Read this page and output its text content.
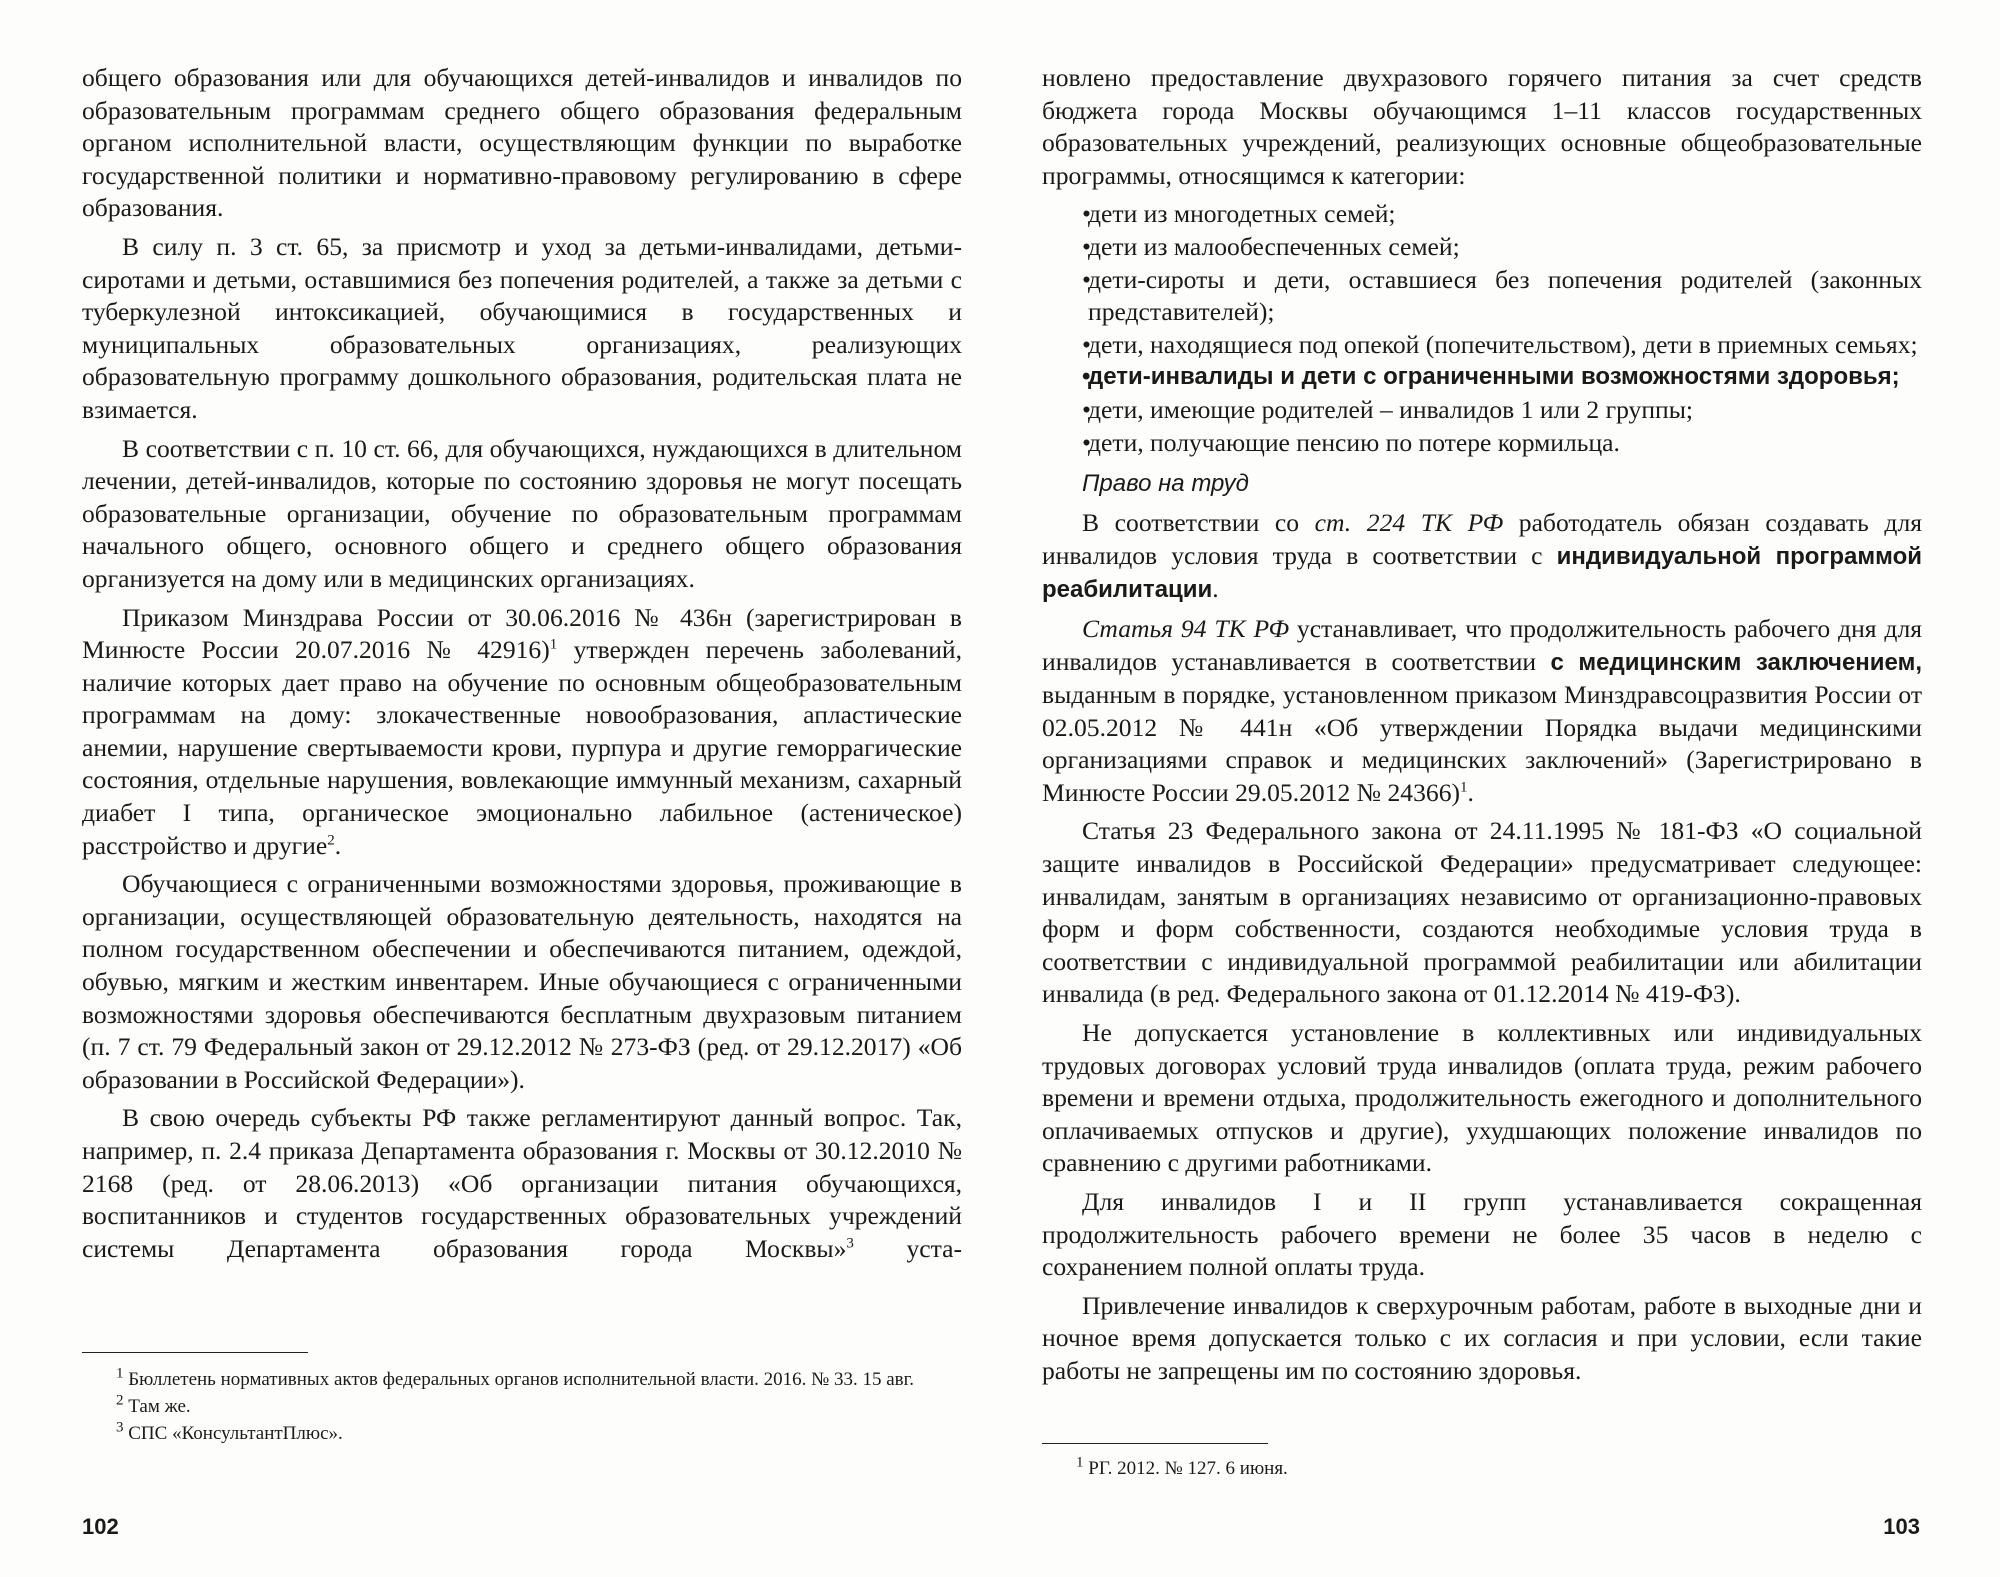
общего образования или для обучающихся детей-инвалидов и инвалидов по образовательным программам среднего общего образования федеральным органом исполнительной власти, осуществляющим функции по выработке государственной политики и нормативно-правовому регулированию в сфере образования.

В силу п. 3 ст. 65, за присмотр и уход за детьми-инвалидами, детьми-сиротами и детьми, оставшимися без попечения родителей, а также за детьми с туберкулезной интоксикацией, обучающимися в государственных и муниципальных образовательных организациях, реализующих образовательную программу дошкольного образования, родительская плата не взимается.

В соответствии с п. 10 ст. 66, для обучающихся, нуждающихся в длительном лечении, детей-инвалидов, которые по состоянию здоровья не могут посещать образовательные организации, обучение по образовательным программам начального общего, основного общего и среднего общего образования организуется на дому или в медицинских организациях.

Приказом Минздрава России от 30.06.2016 № 436н (зарегистрирован в Минюсте России 20.07.2016 № 42916)$^1$ утвержден перечень заболеваний, наличие которых дает право на обучение по основным общеобразовательным программам на дому: злокачественные новообразования, апластические анемии, нарушение свертываемости крови, пурпура и другие геморрагические состояния, отдельные нарушения, вовлекающие иммунный механизм, сахарный диабет I типа, органическое эмоционально лабильное (астеническое) расстройство и другие$^2$.

Обучающиеся с ограниченными возможностями здоровья, проживающие в организации, осуществляющей образовательную деятельность, находятся на полном государственном обеспечении и обеспечиваются питанием, одеждой, обувью, мягким и жестким инвентарем. Иные обучающиеся с ограниченными возможностями здоровья обеспечиваются бесплатным двухразовым питанием (п. 7 ст. 79 Федеральный закон от 29.12.2012 № 273-ФЗ (ред. от 29.12.2017) «Об образовании в Российской Федерации»).

В свою очередь субъекты РФ также регламентируют данный вопрос. Так, например, п. 2.4 приказа Департамента образования г. Москвы от 30.12.2010 № 2168 (ред. от 28.06.2013) «Об организации питания обучающихся, воспитанников и студентов государственных образовательных учреждений системы Департамента образования города Москвы»$^3$ уста-

$^1$ Бюллетень нормативных актов федеральных органов исполнительной власти. 2016. № 33. 15 авг.

$^2$ Там же.

$^3$ СПС «КонсультантПлюс».

102

новлено предоставление двухразового горячего питания за счет средств бюджета города Москвы обучающимся 1–11 классов государственных образовательных учреждений, реализующих основные общеобразовательные программы, относящимся к категории:

• дети из многодетных семей;
• дети из малообеспеченных семей;
• дети-сироты и дети, оставшиеся без попечения родителей (законных представителей);
• дети, находящиеся под опекой (попечительством), дети в приемных семьях;
• дети-инвалиды и дети с ограниченными возможностями здоровья;
• дети, имеющие родителей – инвалидов 1 или 2 группы;
• дети, получающие пенсию по потере кормильца.
Право на труд

В соответствии со ст. 224 ТК РФ работодатель обязан создавать для инвалидов условия труда в соответствии с индивидуальной программой реабилитации.

Статья 94 ТК РФ устанавливает, что продолжительность рабочего дня для инвалидов устанавливается в соответствии с медицинским заключением, выданным в порядке, установленном приказом Минздравсоцразвития России от 02.05.2012 № 441н «Об утверждении Порядка выдачи медицинскими организациями справок и медицинских заключений» (Зарегистрировано в Минюсте России 29.05.2012 № 24366)$^1$.

Статья 23 Федерального закона от 24.11.1995 № 181-ФЗ «О социальной защите инвалидов в Российской Федерации» предусматривает следующее: инвалидам, занятым в организациях независимо от организационно-правовых форм и форм собственности, создаются необходимые условия труда в соответствии с индивидуальной программой реабилитации или абилитации инвалида (в ред. Федерального закона от 01.12.2014 № 419-ФЗ).

Не допускается установление в коллективных или индивидуальных трудовых договорах условий труда инвалидов (оплата труда, режим рабочего времени и времени отдыха, продолжительность ежегодного и дополнительного оплачиваемых отпусков и другие), ухудшающих положение инвалидов по сравнению с другими работниками.

Для инвалидов I и II групп устанавливается сокращенная продолжительность рабочего времени не более 35 часов в неделю с сохранением полной оплаты труда.

Привлечение инвалидов к сверхурочным работам, работе в выходные дни и ночное время допускается только с их согласия и при условии, если такие работы не запрещены им по состоянию здоровья.

$^1$ РГ. 2012. № 127. 6 июня.

103
